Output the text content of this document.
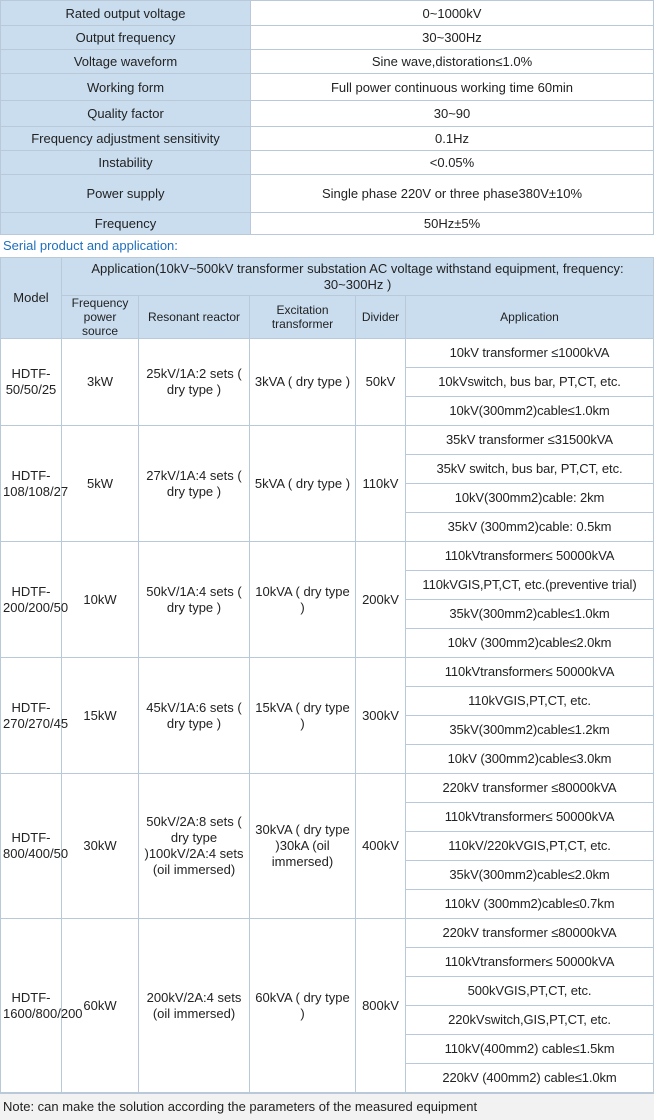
Rated output voltage	0~1000kV
Output frequency	30~300Hz
Voltage waveform	Sine wave,distoration≤1.0%
Working form	Full power continuous working time 60min
Quality factor	30~90
Frequency adjustment sensitivity	0.1Hz
Instability	<0.05%
Power supply	Single phase 220V or three phase380V±10%
Frequency	50Hz±5%
Serial product and application:
Model	Application(10kV~500kV transformer substation AC voltage withstand equipment, frequency: 30~300Hz )				
	Frequency power source	Resonant reactor	Excitation transformer	Divider	Application
HDTF-50/50/25	3kW	25kV/1A:2 sets ( dry type )	3kVA ( dry type )	50kV	10kV transformer ≤1000kVA
					10kVswitch, bus bar, PT,CT, etc.
					10kV(300mm2)cable≤1.0km
HDTF-108/108/27	5kW	27kV/1A:4 sets ( dry type )	5kVA ( dry type )	110kV	35kV transformer ≤31500kVA
					35kV switch, bus bar, PT,CT, etc.
					10kV(300mm2)cable: 2km
					35kV (300mm2)cable: 0.5km
HDTF-200/200/50	10kW	50kV/1A:4 sets ( dry type )	10kVA ( dry type )	200kV	110kVtransformer≤ 50000kVA
					110kVGIS,PT,CT, etc.(preventive trial)
					35kV(300mm2)cable≤1.0km
					10kV (300mm2)cable≤2.0km
HDTF-270/270/45	15kW	45kV/1A:6 sets ( dry type )	15kVA ( dry type )	300kV	110kVtransformer≤ 50000kVA
					110kVGIS,PT,CT, etc.
					35kV(300mm2)cable≤1.2km
					10kV (300mm2)cable≤3.0km
HDTF-800/400/50	30kW	50kV/2A:8 sets ( dry type )100kV/2A:4 sets (oil immersed)	30kVA ( dry type )30kA (oil immersed)	400kV	220kV transformer ≤80000kVA
					110kVtransformer≤ 50000kVA
					110kV/220kVGIS,PT,CT, etc.
					35kV(300mm2)cable≤2.0km
					110kV (300mm2)cable≤0.7km
HDTF-1600/800/200	60kW	200kV/2A:4 sets (oil immersed)	60kVA ( dry type )	800kV	220kV transformer ≤80000kVA
					110kVtransformer≤ 50000kVA
					500kVGIS,PT,CT, etc.
					220kVswitch,GIS,PT,CT, etc.
					110kV(400mm2) cable≤1.5km
					220kV (400mm2) cable≤1.0km
Note: can make the solution according the parameters of the measured equipment
